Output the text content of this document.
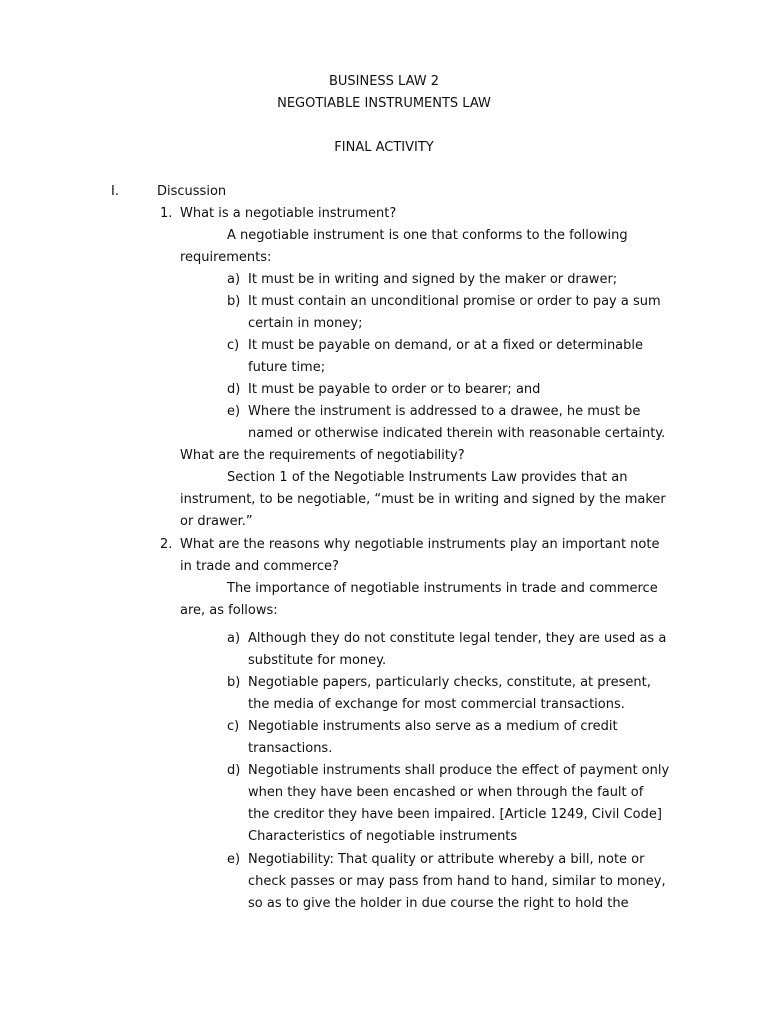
BUSINESS LAW 2
NEGOTIABLE INSTRUMENTS LAW
FINAL ACTIVITY
I.	Discussion
1. What is a negotiable instrument?
A negotiable instrument is one that conforms to the following
requirements:
a) It must be in writing and signed by the maker or drawer;
b) It must contain an unconditional promise or order to pay a sum
certain in money;
c) It must be payable on demand, or at a fixed or determinable
future time;
d) It must be payable to order or to bearer; and
e) Where the instrument is addressed to a drawee, he must be
named or otherwise indicated therein with reasonable certainty.
What are the requirements of negotiability?
Section 1 of the Negotiable Instruments Law provides that an
instrument, to be negotiable, “must be in writing and signed by the maker
or drawer.”
2. What are the reasons why negotiable instruments play an important note
in trade and commerce?
The importance of negotiable instruments in trade and commerce
are, as follows:
a) Although they do not constitute legal tender, they are used as a
substitute for money.
b) Negotiable papers, particularly checks, constitute, at present,
the media of exchange for most commercial transactions.
c) Negotiable instruments also serve as a medium of credit
transactions.
d) Negotiable instruments shall produce the effect of payment only
when they have been encashed or when through the fault of
the creditor they have been impaired. [Article 1249, Civil Code]
Characteristics of negotiable instruments
e) Negotiability: That quality or attribute whereby a bill, note or
check passes or may pass from hand to hand, similar to money,
so as to give the holder in due course the right to hold the
